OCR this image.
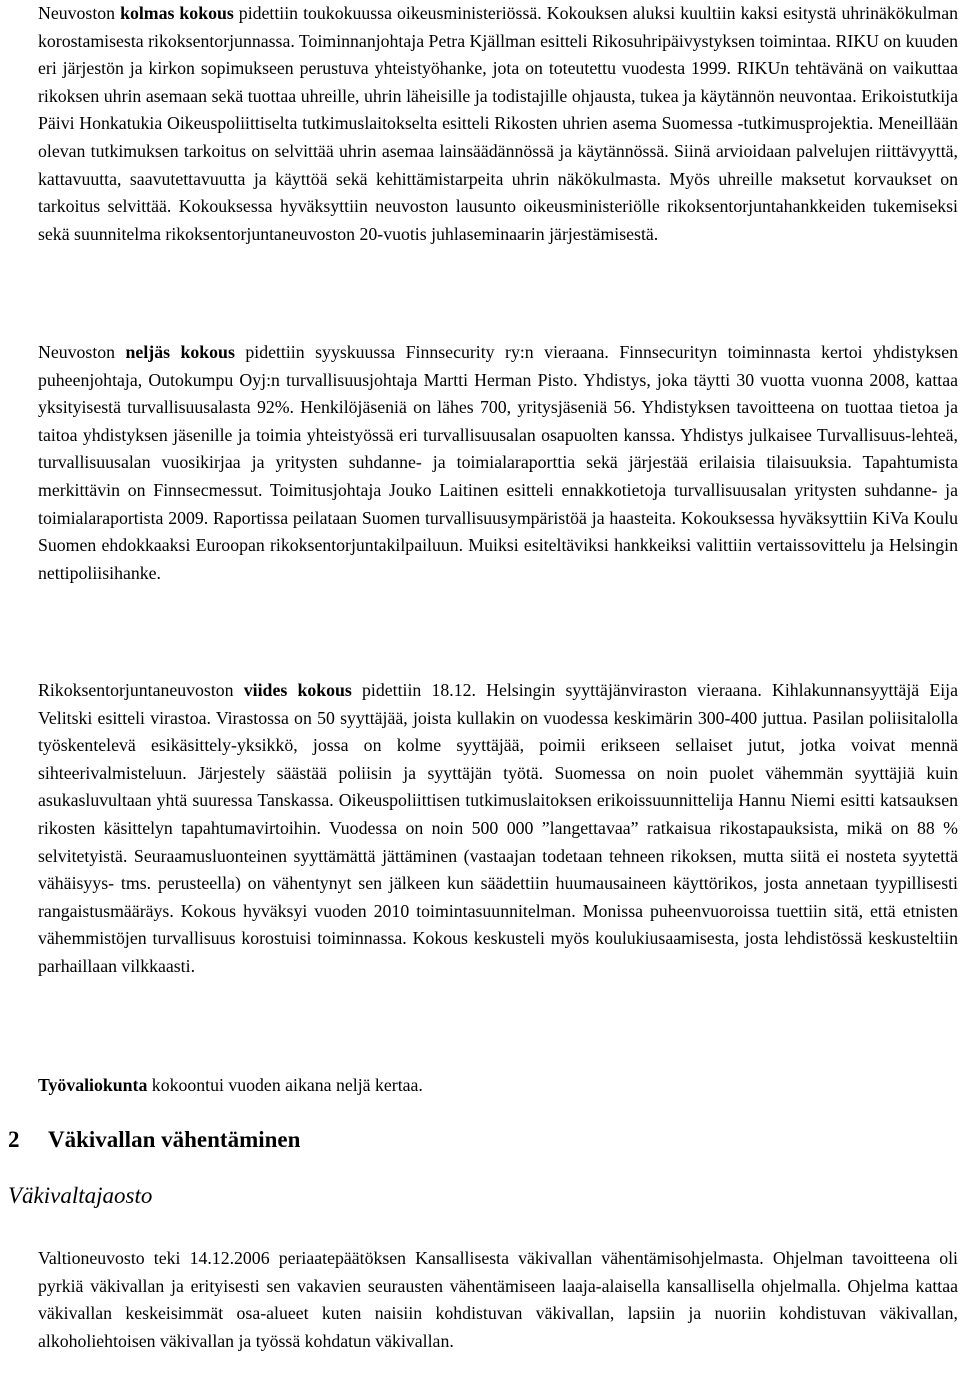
Neuvoston kolmas kokous pidettiin toukokuussa oikeusministeriössä. Kokouksen aluksi kuultiin kaksi esitystä uhrinäkökulman korostamisesta rikoksentorjunnassa. Toiminnanjohtaja Petra Kjällman esitteli Rikosuhripäivystyksen toimintaa. RIKU on kuuden eri järjestön ja kirkon sopimukseen perustuva yhteistyöhanke, jota on toteutettu vuodesta 1999. RIKUn tehtävänä on vaikuttaa rikoksen uhrin asemaan sekä tuottaa uhreille, uhrin läheisille ja todistajille ohjausta, tukea ja käytännön neuvontaa. Erikoistutkija Päivi Honkatukia Oikeuspoliittiselta tutkimuslaitokselta esitteli Rikosten uhrien asema Suomessa -tutkimusprojektia. Meneillään olevan tutkimuksen tarkoitus on selvittää uhrin asemaa lainsäädännössä ja käytännössä. Siinä arvioidaan palvelujen riittävyyttä, kattavuutta, saavutettavuutta ja käyttöä sekä kehittämistarpeita uhrin näkökulmasta. Myös uhreille maksetut korvaukset on tarkoitus selvittää. Kokouksessa hyväksyttiin neuvoston lausunto oikeusministeriölle rikoksentorjuntahankkeiden tukemiseksi sekä suunnitelma rikoksentorjuntaneuvoston 20-vuotis juhlaseminaarin järjestämisestä.

Neuvoston neljäs kokous pidettiin syyskuussa Finnsecurity ry:n vieraana. Finnsecurityn toiminnasta kertoi yhdistyksen puheenjohtaja, Outokumpu Oyj:n turvallisuusjohtaja Martti Herman Pisto. Yhdistys, joka täytti 30 vuotta vuonna 2008, kattaa yksityisestä turvallisuusalasta 92%. Henkilöjäseniä on lähes 700, yritysjäseniä 56. Yhdistyksen tavoitteena on tuottaa tietoa ja taitoa yhdistyksen jäsenille ja toimia yhteistyössä eri turvallisuusalan osapuolten kanssa. Yhdistys julkaisee Turvallisuus-lehteä, turvallisuusalan vuosikirjaa ja yritysten suhdanne- ja toimialaraporttia sekä järjestää erilaisia tilaisuuksia. Tapahtumista merkittävin on Finnsecmessut. Toimitusjohtaja Jouko Laitinen esitteli ennakkotietoja turvallisuusalan yritysten suhdanne- ja toimialaraportista 2009. Raportissa peilataan Suomen turvallisuusympäristöä ja haasteita. Kokouksessa hyväksyttiin KiVa Koulu Suomen ehdokkaaksi Euroopan rikoksentorjuntakilpailuun. Muiksi esiteltäviksi hankkeiksi valittiin vertaissovittelu ja Helsingin nettipoliisihanke.

Rikoksentorjuntaneuvoston viides kokous pidettiin 18.12. Helsingin syyttäjänviraston vieraana. Kihlakunnansyyttäjä Eija Velitski esitteli virastoa. Virastossa on 50 syyttäjää, joista kullakin on vuodessa keskimärin 300-400 juttua. Pasilan poliisitalolla työskentelevä esikäsittely-yksikkö, jossa on kolme syyttäjää, poimii erikseen sellaiset jutut, jotka voivat mennä sihteerivalmisteluun. Järjestely säästää poliisin ja syyttäjän työtä. Suomessa on noin puolet vähemmän syyttäjiä kuin asukasluvultaan yhtä suuressa Tanskassa. Oikeuspoliittisen tutkimuslaitoksen erikoissuunnittelija Hannu Niemi esitti katsauksen rikosten käsittelyn tapahtumavirtoihin. Vuodessa on noin 500 000 ”langettavaa” ratkaisua rikostapauksista, mikä on 88 % selvitetyistä. Seuraamusluonteinen syyttämättä jättäminen (vastaajan todetaan tehneen rikoksen, mutta siitä ei nosteta syytettä vähäisyys- tms. perusteella) on vähentynyt sen jälkeen kun säädettiin huumausaineen käyttörikos, josta annetaan tyypillisesti rangaistusmääräys. Kokous hyväksyi vuoden 2010 toimintasuunnitelman. Monissa puheenvuoroissa tuettiin sitä, että etnisten vähemmistöjen turvallisuus korostuisi toiminnassa. Kokous keskusteli myös koulukiusaamisesta, josta lehdistössä keskusteltiin parhaillaan vilkkaasti.

Työvaliokunta kokoontui vuoden aikana neljä kertaa.

2 Väkivallan vähentäminen
Väkivaltajaosto

Valtioneuvosto teki 14.12.2006 periaatepäätöksen Kansallisesta väkivallan vähentämisohjelmasta. Ohjelman tavoitteena oli pyrkiä väkivallan ja erityisesti sen vakavien seurausten vähentämiseen laaja-alaisella kansallisella ohjelmalla. Ohjelma kattaa väkivallan keskeisimmät osa-alueet kuten naisiin kohdistuvan väkivallan, lapsiin ja nuoriin kohdistuvan väkivallan, alkoholiehtoisen väkivallan ja työssä kohdatun väkivallan.
